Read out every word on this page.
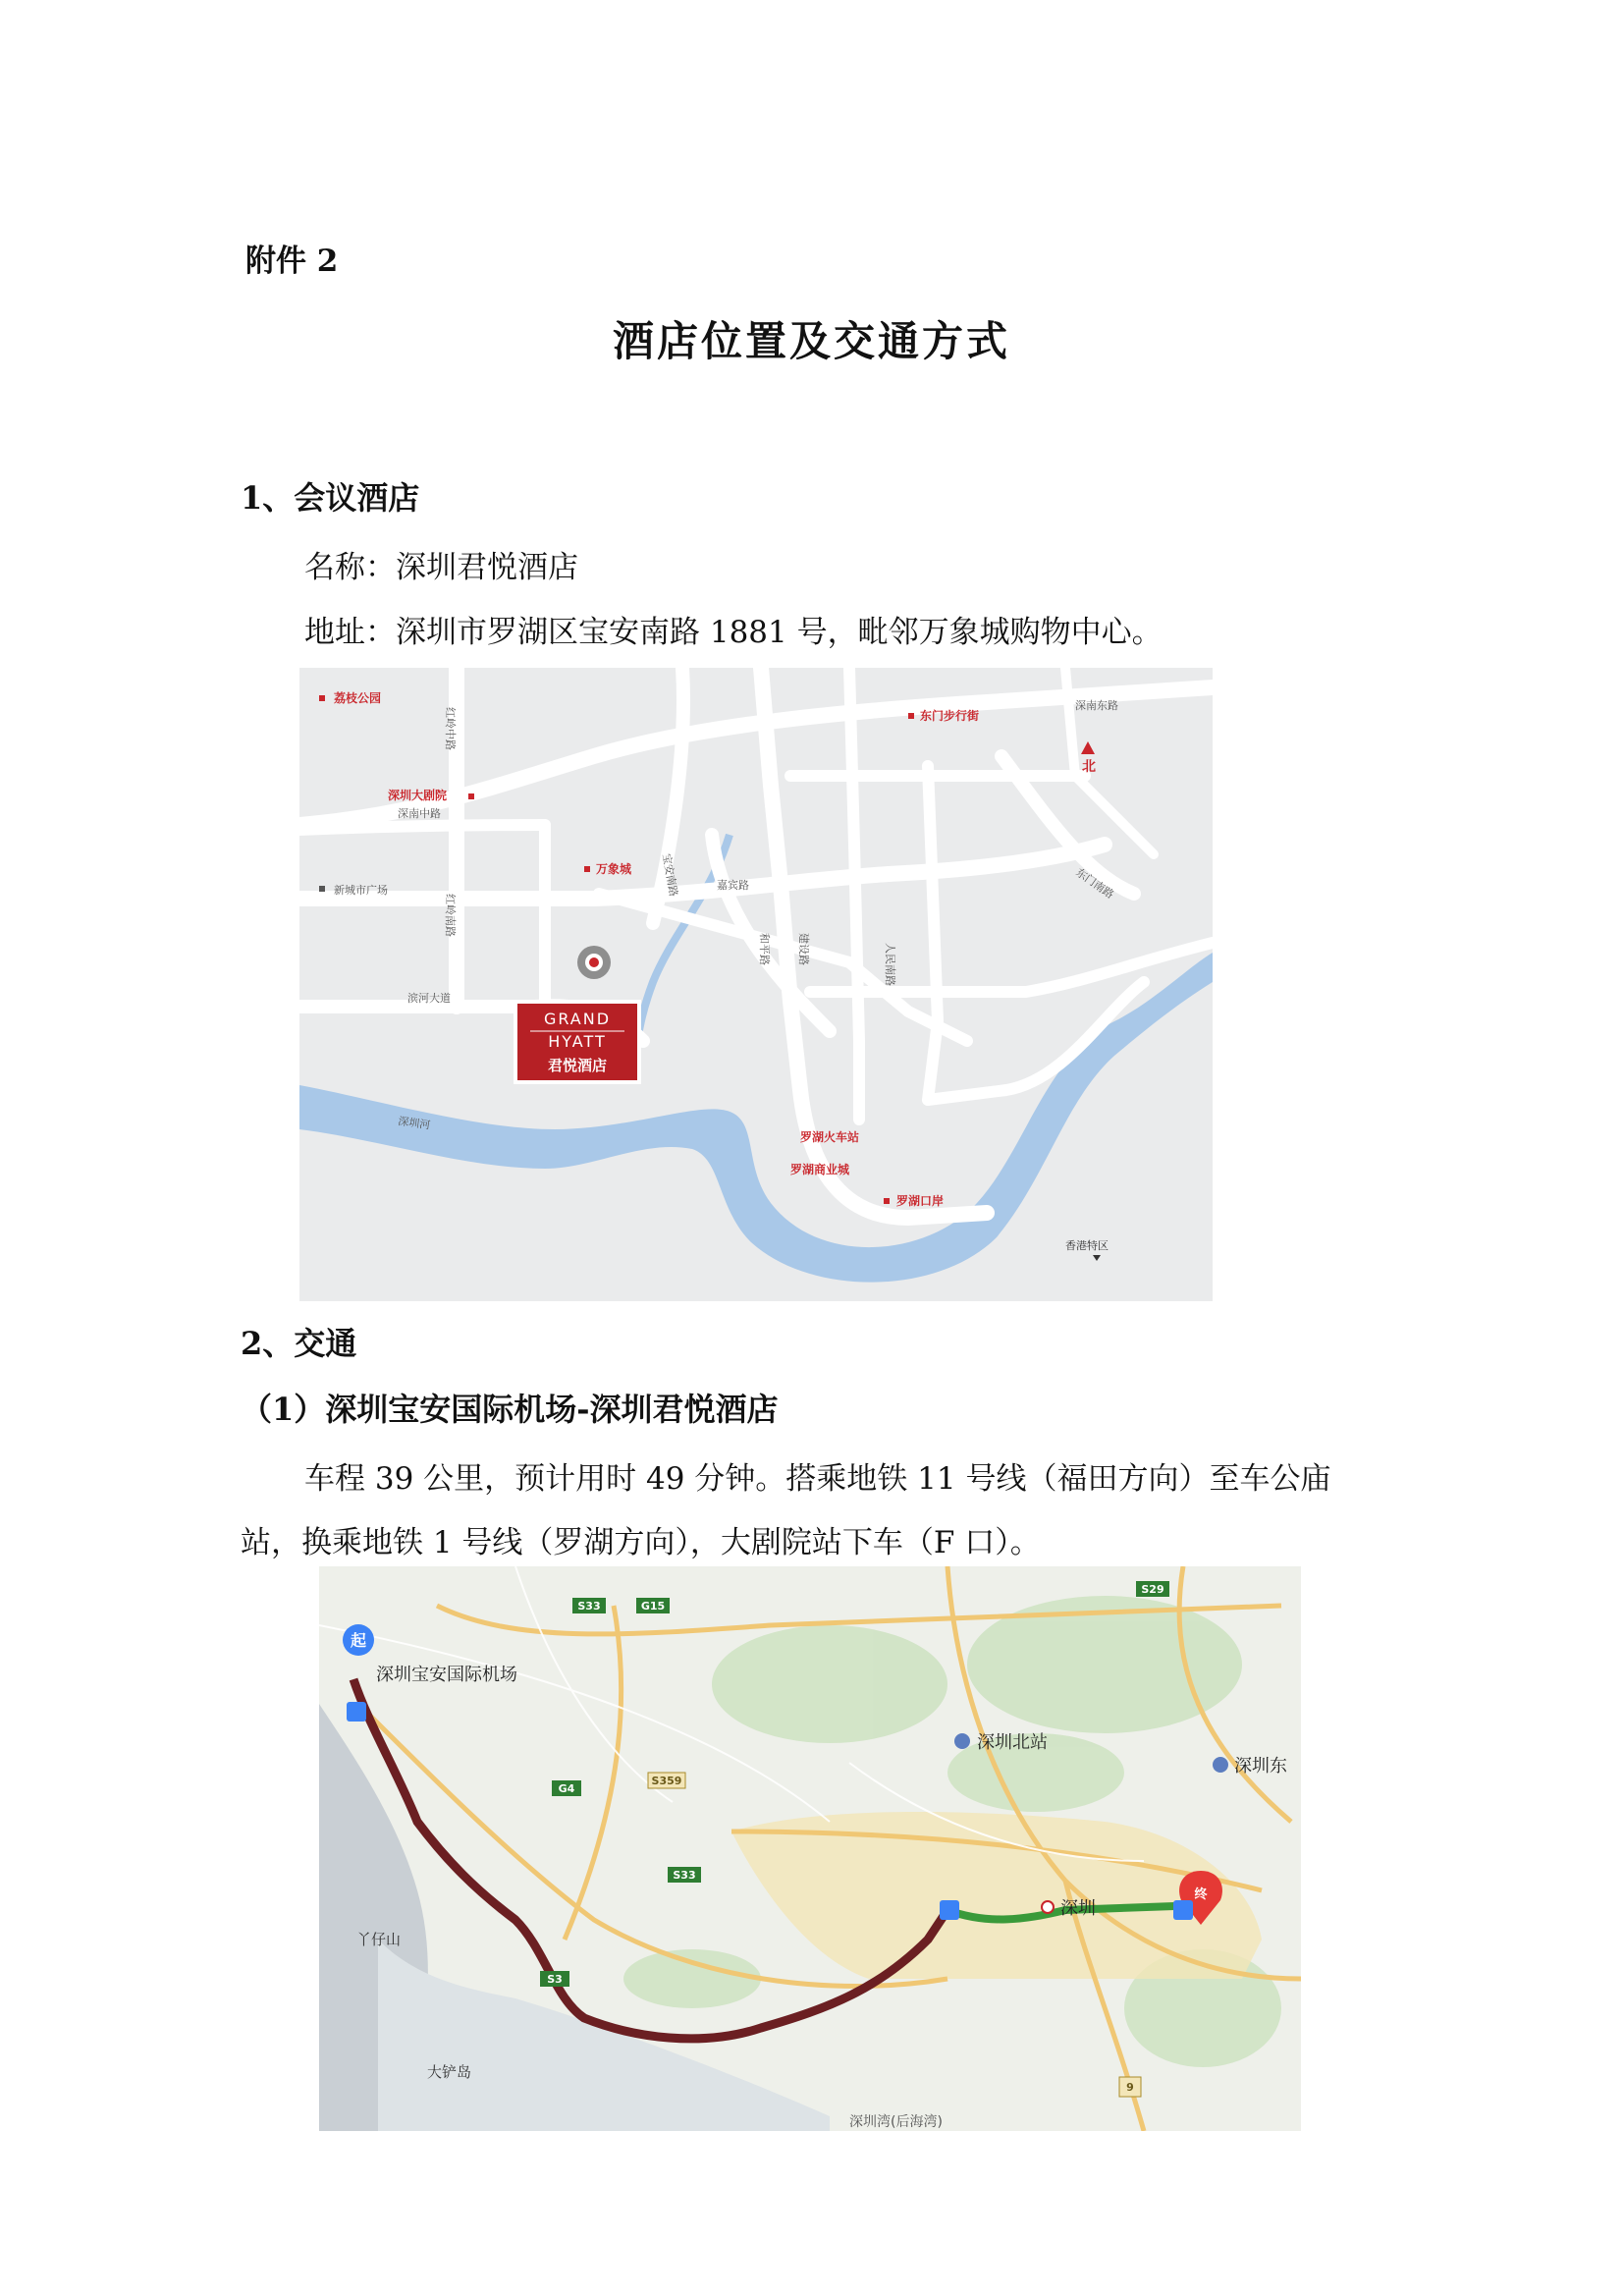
附件 2
酒店位置及交通方式
1、会议酒店
名称：深圳君悦酒店
地址：深圳市罗湖区宝安南路 1881 号，毗邻万象城购物中心。
荔枝公园
东门步行街
深圳大剧院
万象城
罗湖火车站
罗湖商业城
罗湖口岸
红岭中路
深南东路
深南中路
宝安南路	嘉宾路
新城市广场
红岭南路
人民南路
建设路
和平路
东门南路
滨河大道
深圳河
北
香港特区
GRAND
HYATT
君悦酒店
2、交通
（1）深圳宝安国际机场-深圳君悦酒店
车程 39 公里，预计用时 49 分钟。搭乘地铁 11 号线（福田方向）至车公庙
站，换乘地铁 1 号线（罗湖方向），大剧院站下车（F 口）。
S33	G15
S29
G4
S359
S33
S3
9
起
深圳宝安国际机场
深圳北站
深圳东
深圳
终
丫仔山
大铲岛
深圳湾(后海湾)
